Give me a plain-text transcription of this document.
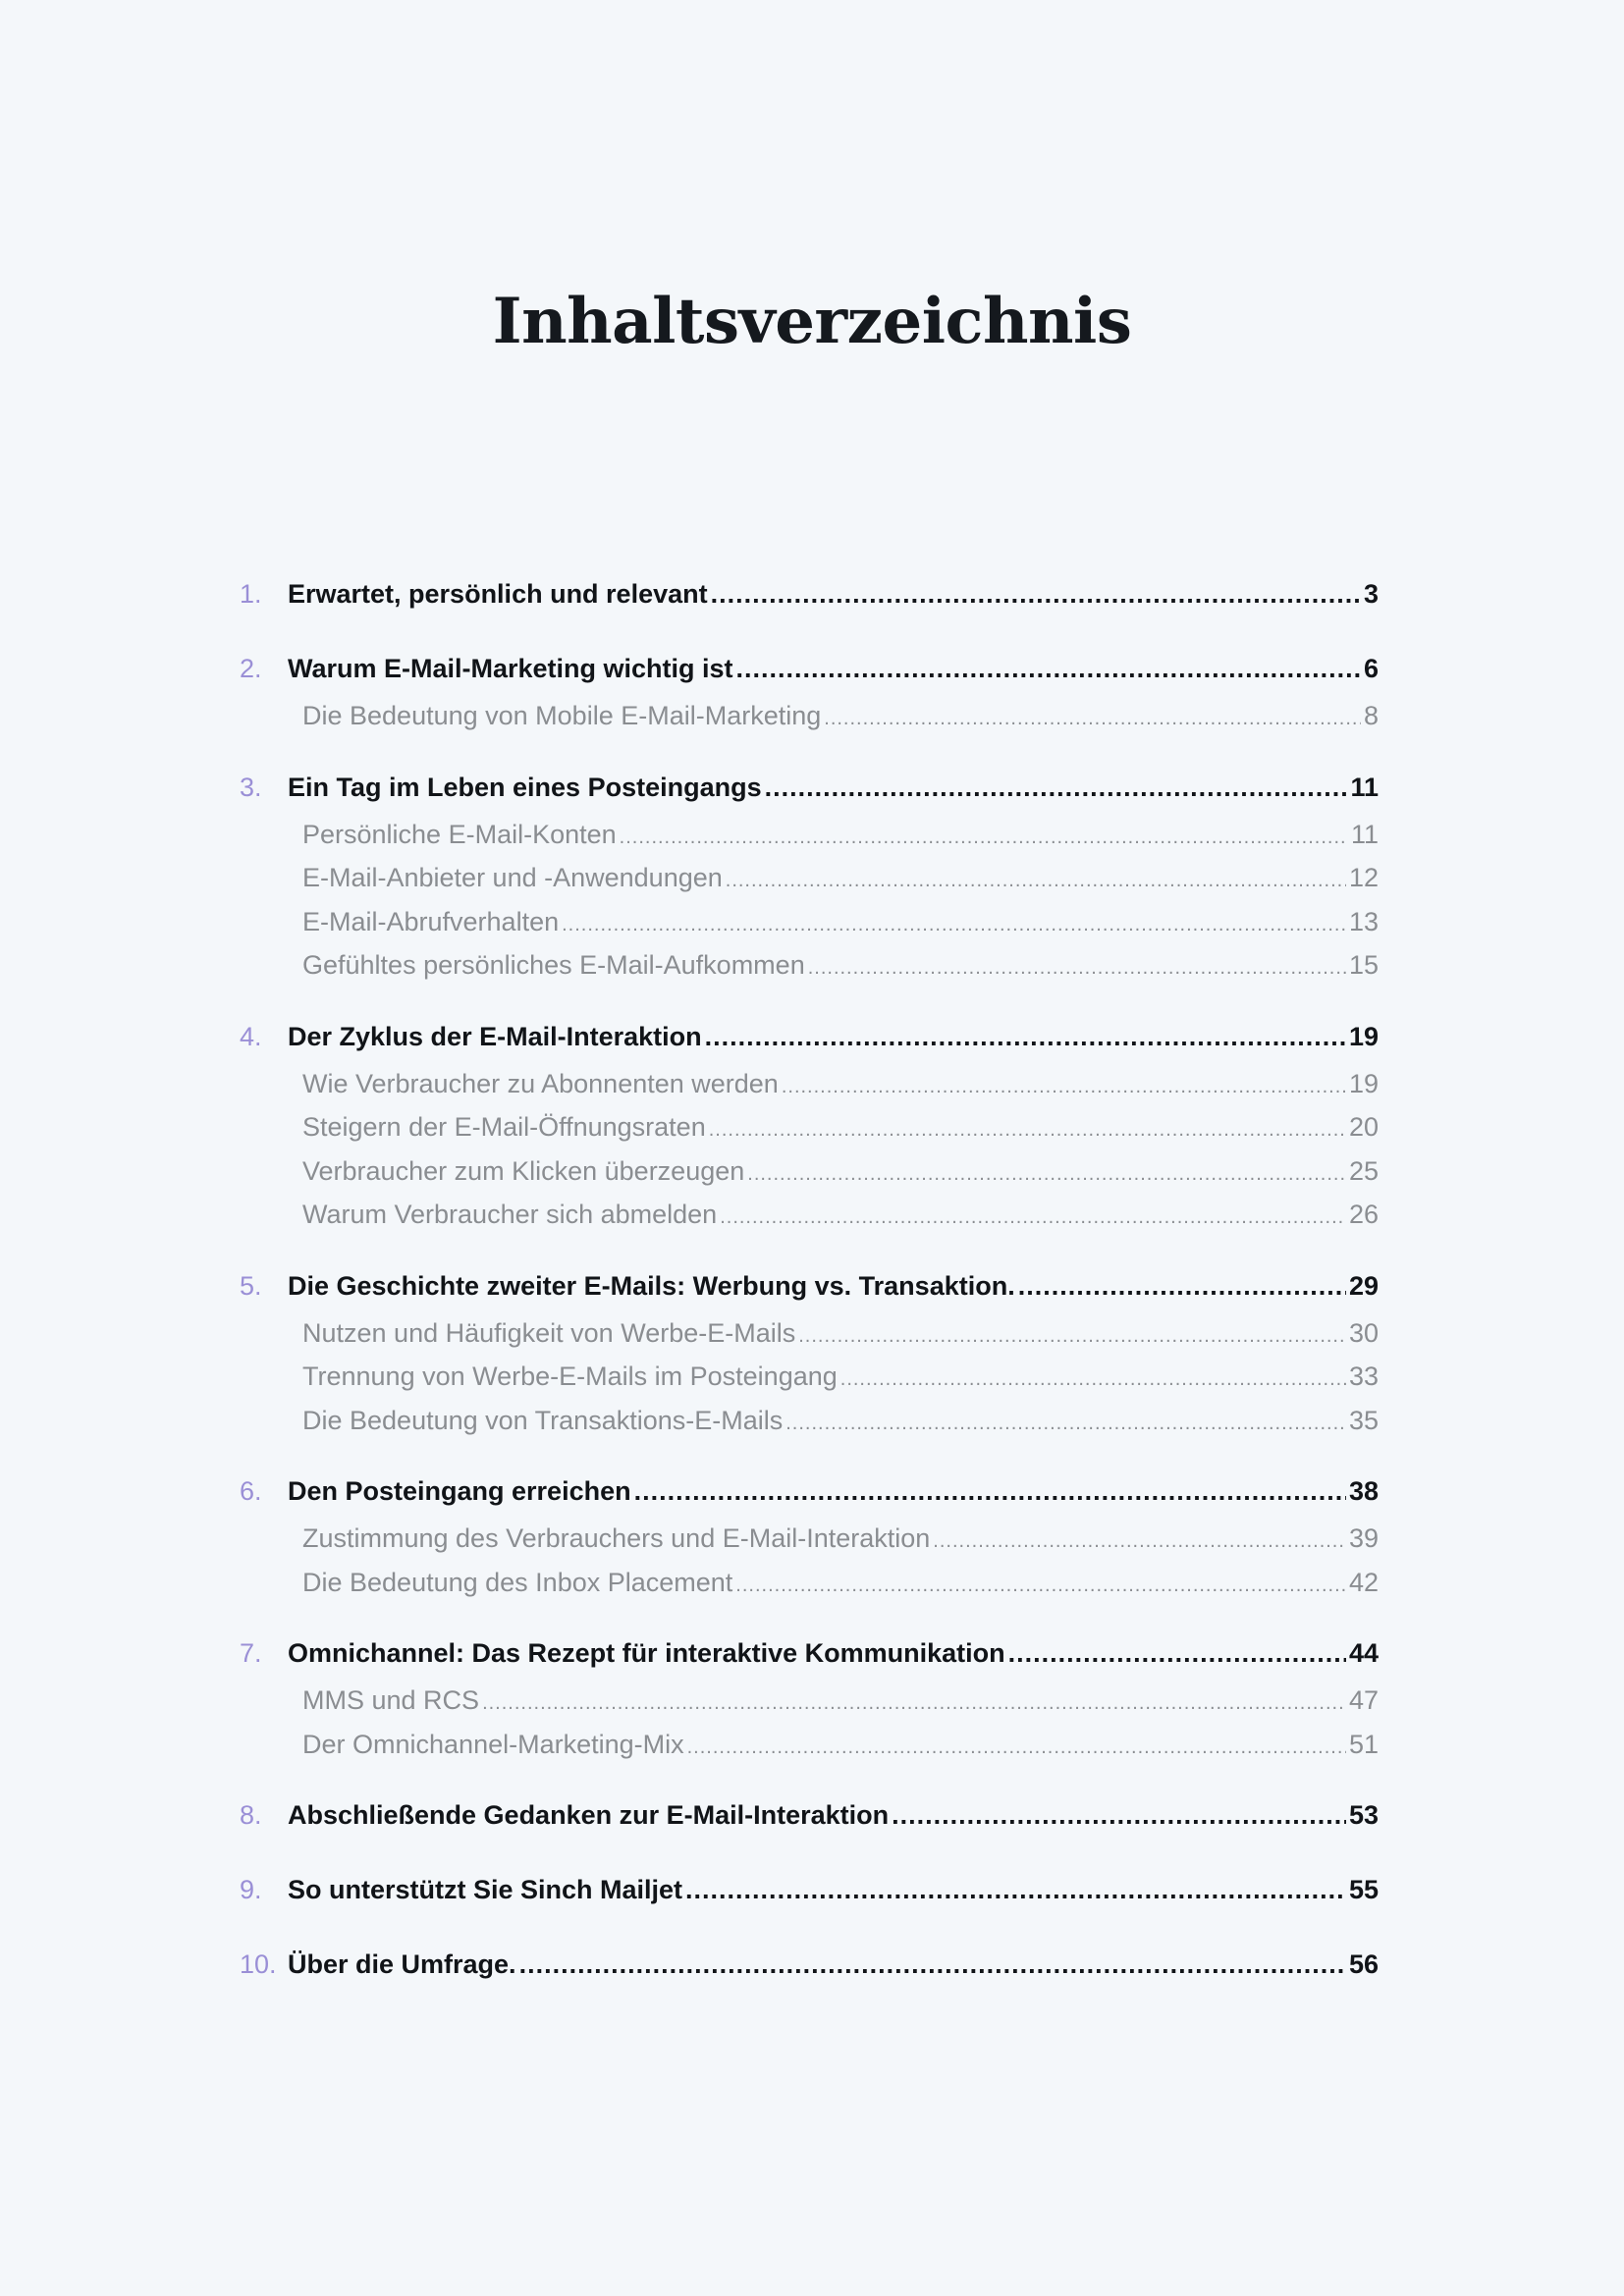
Inhaltsverzeichnis
1. Erwartet, persönlich und relevant .....	3
2. Warum E-Mail-Marketing wichtig ist .....	6
Die Bedeutung von Mobile E-Mail-Marketing .....	8
3. Ein Tag im Leben eines Posteingangs .....	11
Persönliche E-Mail-Konten .....	11
E-Mail-Anbieter und -Anwendungen .....	12
E-Mail-Abrufverhalten .....	13
Gefühltes persönliches E-Mail-Aufkommen .....	15
4. Der Zyklus der E-Mail-Interaktion .....	19
Wie Verbraucher zu Abonnenten werden .....	19
Steigern der E-Mail-Öffnungsraten .....	20
Verbraucher zum Klicken überzeugen .....	25
Warum Verbraucher sich abmelden .....	26
5. Die Geschichte zweiter E-Mails: Werbung vs. Transaktion. .....	29
Nutzen und Häufigkeit von Werbe-E-Mails .....	30
Trennung von Werbe-E-Mails im Posteingang .....	33
Die Bedeutung von Transaktions-E-Mails .....	35
6. Den Posteingang erreichen .....	38
Zustimmung des Verbrauchers und E-Mail-Interaktion .....	39
Die Bedeutung des Inbox Placement .....	42
7. Omnichannel: Das Rezept für interaktive Kommunikation .....	44
MMS und RCS .....	47
Der Omnichannel-Marketing-Mix .....	51
8. Abschließende Gedanken zur E-Mail-Interaktion .....	53
9. So unterstützt Sie Sinch Mailjet .....	55
10. Über die Umfrage. .....	56
